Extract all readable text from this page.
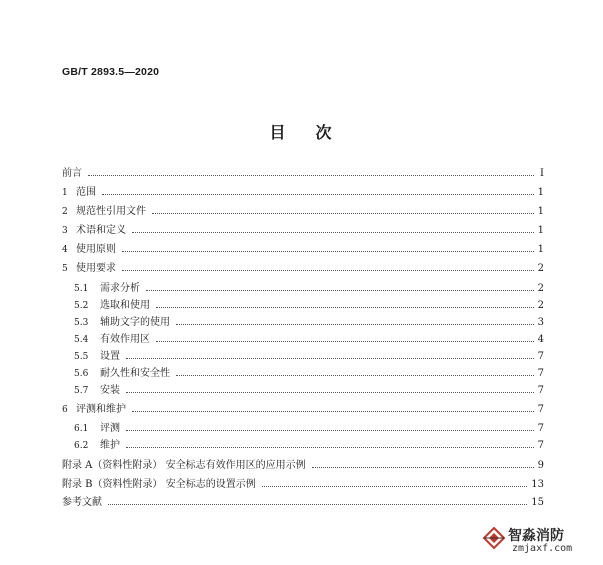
GB/T 2893.5—2020
目 次
前言	Ⅰ
1 范围	1
2 规范性引用文件	1
3 术语和定义	1
4 使用原则	1
5 使用要求	2
5.1	需求分析	2
5.2	选取和使用	2
5.3	辅助文字的使用	3
5.4	有效作用区	4
5.5	设置	7
5.6	耐久性和安全性	7
5.7	安装	7
6 评测和维护	7
6.1	评测	7
6.2	维护	7
附录 A（资料性附录） 安全标志有效作用区的应用示例	9
附录 B（资料性附录） 安全标志的设置示例	13
参考文献	15
智淼消防
zmjaxf.com
